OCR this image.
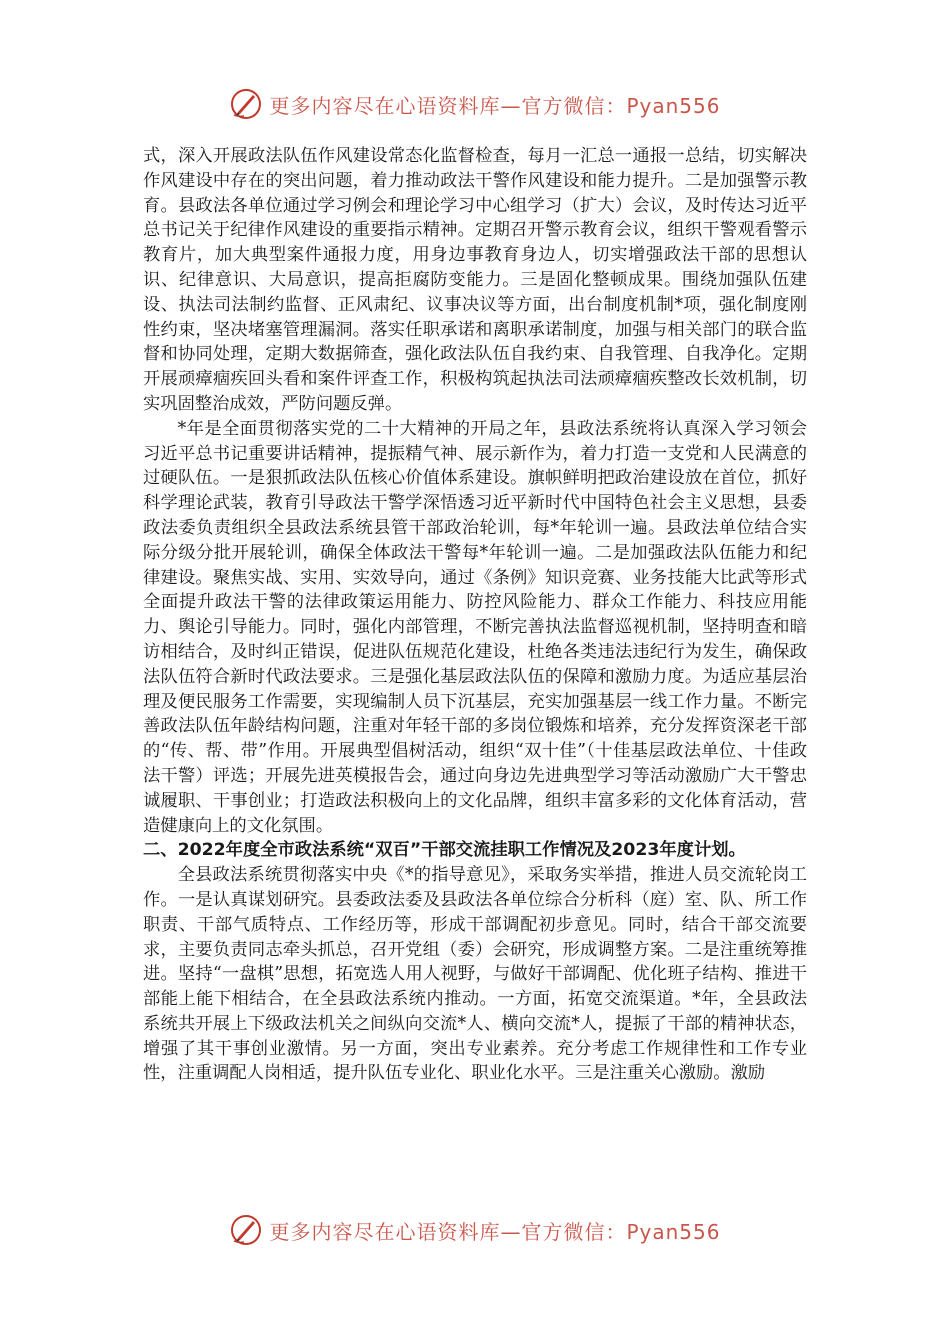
更多内容尽在心语资料库—官方微信：Pyan556

式，深入开展政法队伍作风建设常态化监督检查，每月一汇总一通报一总结，切实解决作风建设中存在的突出问题，着力推动政法干警作风建设和能力提升。二是加强警示教育。县政法各单位通过学习例会和理论学习中心组学习（扩大）会议，及时传达习近平总书记关于纪律作风建设的重要指示精神。定期召开警示教育会议，组织干警观看警示教育片，加大典型案件通报力度，用身边事教育身边人，切实增强政法干部的思想认识、纪律意识、大局意识，提高拒腐防变能力。三是固化整顿成果。围绕加强队伍建设、执法司法制约监督、正风肃纪、议事决议等方面，出台制度机制*项，强化制度刚性约束，坚决堵塞管理漏洞。落实任职承诺和离职承诺制度，加强与相关部门的联合监督和协同处理，定期大数据筛查，强化政法队伍自我约束、自我管理、自我净化。定期开展顽瘴痼疾回头看和案件评查工作，积极构筑起执法司法顽瘴痼疾整改长效机制，切实巩固整治成效，严防问题反弹。

*年是全面贯彻落实党的二十大精神的开局之年，县政法系统将认真深入学习领会习近平总书记重要讲话精神，提振精气神、展示新作为，着力打造一支党和人民满意的过硬队伍。一是狠抓政法队伍核心价值体系建设。旗帜鲜明把政治建设放在首位，抓好科学理论武装，教育引导政法干警学深悟透习近平新时代中国特色社会主义思想，县委政法委负责组织全县政法系统县管干部政治轮训，每*年轮训一遍。县政法单位结合实际分级分批开展轮训，确保全体政法干警每*年轮训一遍。二是加强政法队伍能力和纪律建设。聚焦实战、实用、实效导向，通过《条例》知识竞赛、业务技能大比武等形式全面提升政法干警的法律政策运用能力、防控风险能力、群众工作能力、科技应用能力、舆论引导能力。同时，强化内部管理，不断完善执法监督巡视机制，坚持明查和暗访相结合，及时纠正错误，促进队伍规范化建设，杜绝各类违法违纪行为发生，确保政法队伍符合新时代政法要求。三是强化基层政法队伍的保障和激励力度。为适应基层治理及便民服务工作需要，实现编制人员下沉基层，充实加强基层一线工作力量。不断完善政法队伍年龄结构问题，注重对年轻干部的多岗位锻炼和培养，充分发挥资深老干部的“传、帮、带”作用。开展典型倡树活动，组织“双十佳”（十佳基层政法单位、十佳政法干警）评选；开展先进英模报告会，通过向身边先进典型学习等活动激励广大干警忠诚履职、干事创业；打造政法积极向上的文化品牌，组织丰富多彩的文化体育活动，营造健康向上的文化氛围。

二、2022年度全市政法系统“双百”干部交流挂职工作情况及2023年度计划。

全县政法系统贯彻落实中央《*的指导意见》，采取务实举措，推进人员交流轮岗工作。一是认真谋划研究。县委政法委及县政法各单位综合分析科（庭）室、队、所工作职责、干部气质特点、工作经历等，形成干部调配初步意见。同时，结合干部交流要求，主要负责同志牵头抓总，召开党组（委）会研究，形成调整方案。二是注重统筹推进。坚持“一盘棋”思想，拓宽选人用人视野，与做好干部调配、优化班子结构、推进干部能上能下相结合，在全县政法系统内推动。一方面，拓宽交流渠道。*年，全县政法系统共开展上下级政法机关之间纵向交流*人、横向交流*人，提振了干部的精神状态，增强了其干事创业激情。另一方面，突出专业素养。充分考虑工作规律性和工作专业性，注重调配人岗相适，提升队伍专业化、职业化水平。三是注重关心激励。激励

更多内容尽在心语资料库—官方微信：Pyan556
